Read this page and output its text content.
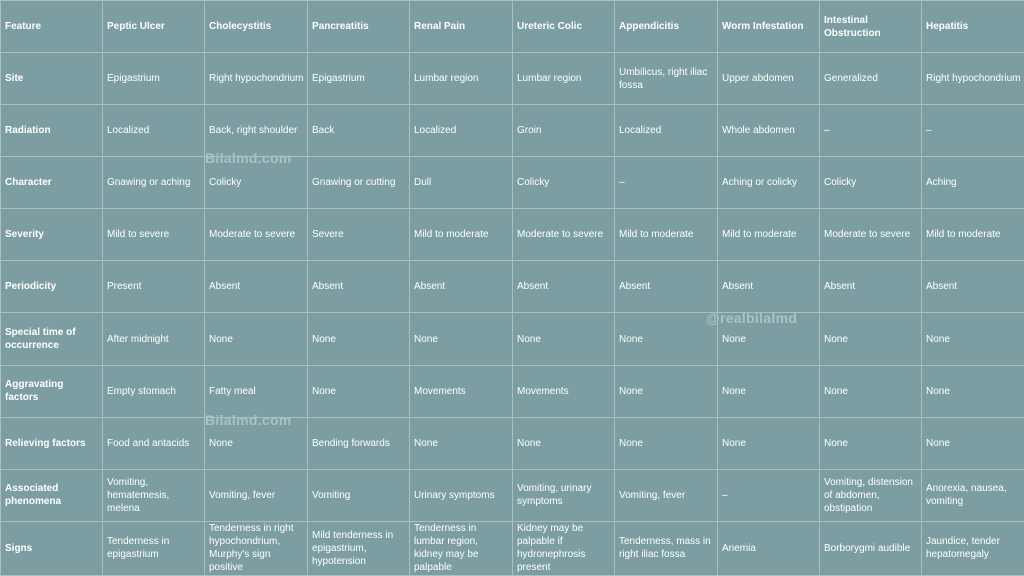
Feature	Peptic Ulcer	Cholecystitis	Pancreatitis	Renal Pain	Ureteric Colic	Appendicitis	Worm Infestation	Intestinal Obstruction	Hepatitis
Site	Epigastrium	Right hypochondrium	Epigastrium	Lumbar region	Lumbar region	Umbilicus, right iliac fossa	Upper abdomen	Generalized	Right hypochondrium
Radiation	Localized	Back, right shoulder	Back	Localized	Groin	Localized	Whole abdomen	–	–
Character	Gnawing or aching	Colicky	Gnawing or cutting	Dull	Colicky	–	Aching or colicky	Colicky	Aching
Severity	Mild to severe	Moderate to severe	Severe	Mild to moderate	Moderate to severe	Mild to moderate	Mild to moderate	Moderate to severe	Mild to moderate
Periodicity	Present	Absent	Absent	Absent	Absent	Absent	Absent	Absent	Absent
Special time of occurrence	After midnight	None	None	None	None	None	None	None	None
Aggravating factors	Empty stomach	Fatty meal	None	Movements	Movements	None	None	None	None
Relieving factors	Food and antacids	None	Bending forwards	None	None	None	None	None	None
Associated phenomena	Vomiting, hematemesis, melena	Vomiting, fever	Vomiting	Urinary symptoms	Vomiting, urinary symptoms	Vomiting, fever	–	Vomiting, distension of abdomen, obstipation	Anorexia, nausea, vomiting
Signs	Tenderness in epigastrium	Tenderness in right hypochondrium, Murphy's sign positive	Mild tenderness in epigastrium, hypotension	Tenderness in lumbar region, kidney may be palpable	Kidney may be palpable if hydronephrosis present	Tenderness, mass in right iliac fossa	Anemia	Borborygmi audible	Jaundice, tender hepatomegaly
Bilalmd.com
@realbilalmd
Bilalmd.com
